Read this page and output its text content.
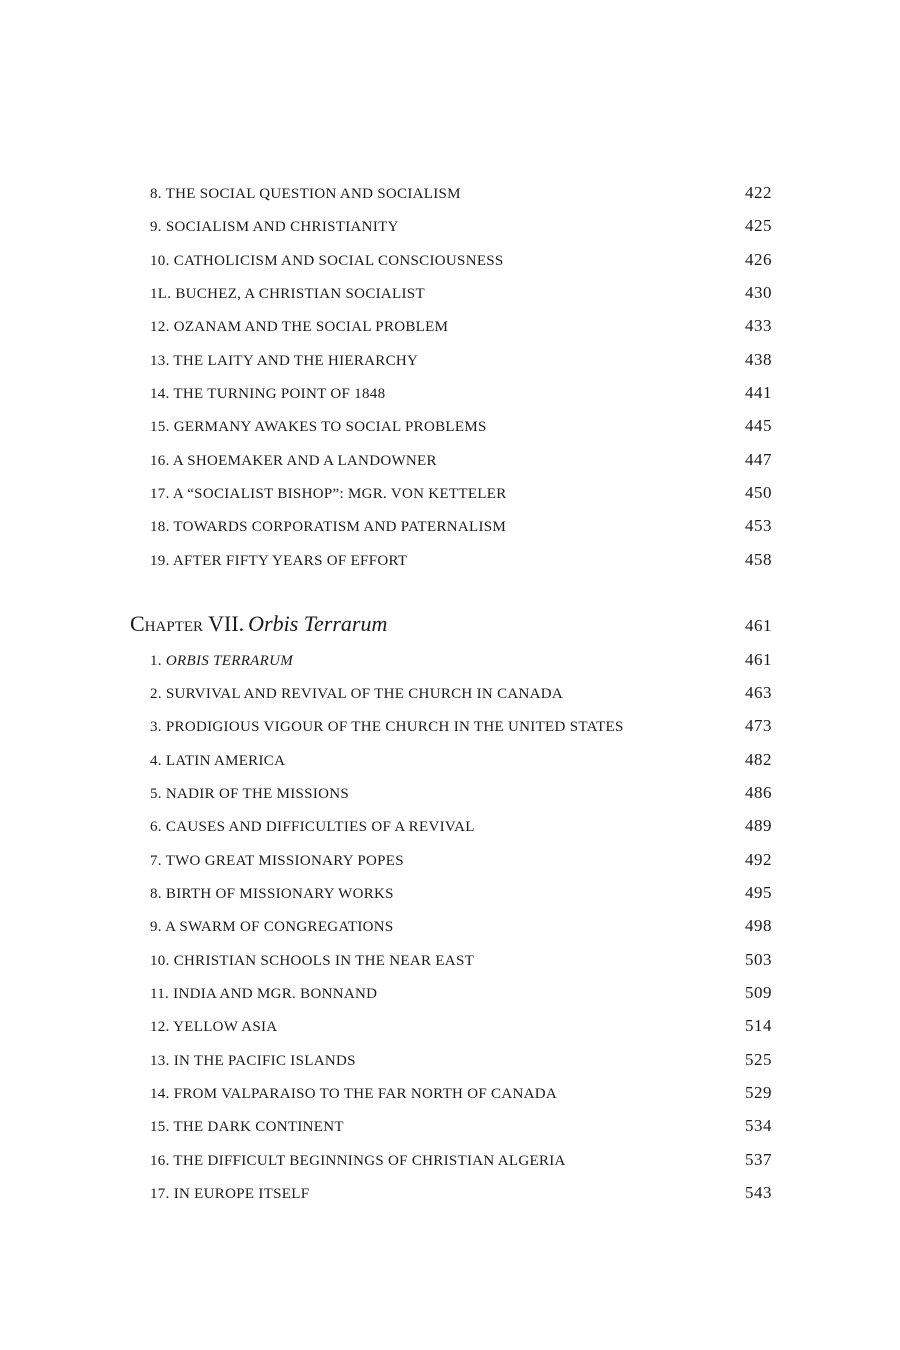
8. THE SOCIAL QUESTION AND SOCIALISM	422
9. SOCIALISM AND CHRISTIANITY	425
10. CATHOLICISM AND SOCIAL CONSCIOUSNESS	426
1L. BUCHEZ, A CHRISTIAN SOCIALIST	430
12. OZANAM AND THE SOCIAL PROBLEM	433
13. THE LAITY AND THE HIERARCHY	438
14. THE TURNING POINT OF 1848	441
15. GERMANY AWAKES TO SOCIAL PROBLEMS	445
16. A SHOEMAKER AND A LANDOWNER	447
17. A “SOCIALIST BISHOP”: MGR. VON KETTELER	450
18. TOWARDS CORPORATISM AND PATERNALISM	453
19. AFTER FIFTY YEARS OF EFFORT	458
Chapter VII. Orbis Terrarum	461
1. ORBIS TERRARUM	461
2. SURVIVAL AND REVIVAL OF THE CHURCH IN CANADA	463
3. PRODIGIOUS VIGOUR OF THE CHURCH IN THE UNITED STATES	473
4. LATIN AMERICA	482
5. NADIR OF THE MISSIONS	486
6. CAUSES AND DIFFICULTIES OF A REVIVAL	489
7. TWO GREAT MISSIONARY POPES	492
8. BIRTH OF MISSIONARY WORKS	495
9. A SWARM OF CONGREGATIONS	498
10. CHRISTIAN SCHOOLS IN THE NEAR EAST	503
11. INDIA AND MGR. BONNAND	509
12. YELLOW ASIA	514
13. IN THE PACIFIC ISLANDS	525
14. FROM VALPARAISO TO THE FAR NORTH OF CANADA	529
15. THE DARK CONTINENT	534
16. THE DIFFICULT BEGINNINGS OF CHRISTIAN ALGERIA	537
17. IN EUROPE ITSELF	543
